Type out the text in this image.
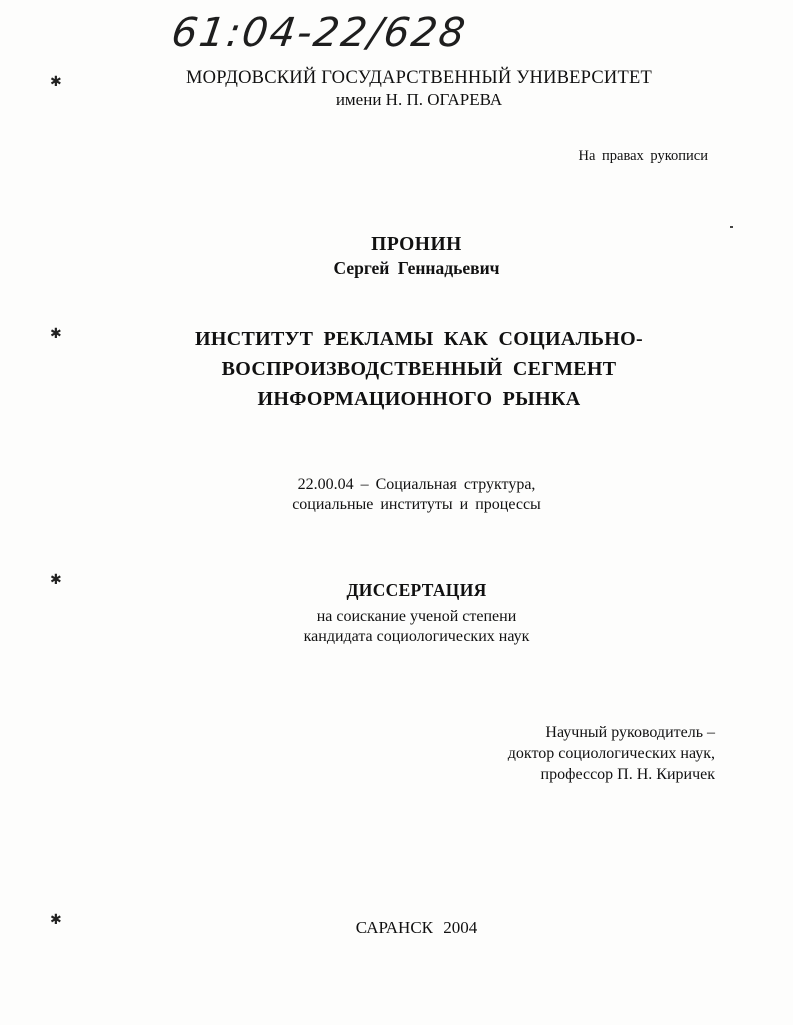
61:04-22/628
✱
✱
✱
✱

МОРДОВСКИЙ ГОСУДАРСТВЕННЫЙ УНИВЕРСИТЕТ

имени Н. П. ОГАРЕВА

На правах рукописи

ПРОНИН

Сергей Геннадьевич

ИНСТИТУТ РЕКЛАМЫ КАК СОЦИАЛЬНО-

ВОСПРОИЗВОДСТВЕННЫЙ СЕГМЕНТ

ИНФОРМАЦИОННОГО РЫНКА

22.00.04 – Социальная структура,

социальные институты и процессы

ДИССЕРТАЦИЯ

на соискание ученой степени

кандидата социологических наук

Научный руководитель –

доктор социологических наук,

профессор П. Н. Киричек

САРАНСК 2004
